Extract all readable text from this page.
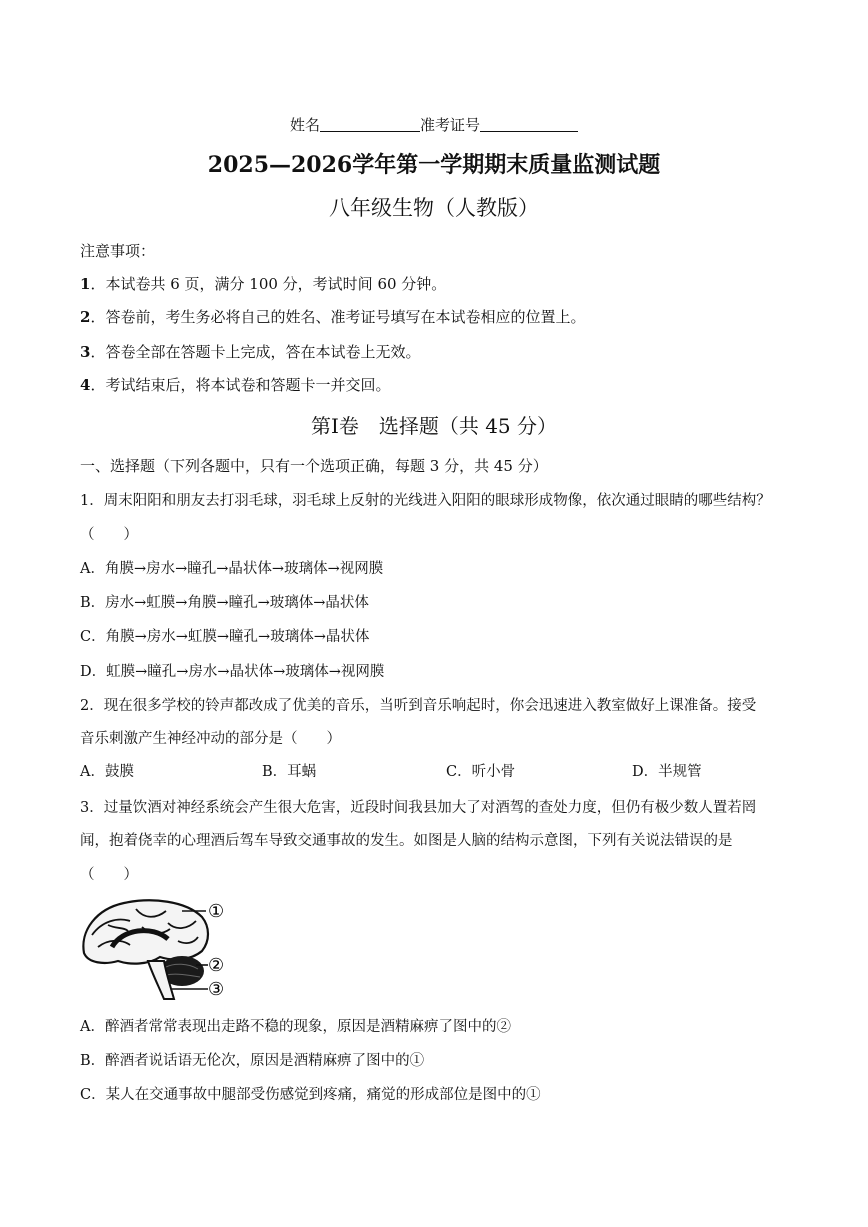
姓名	准考证号
2025—2026学年第一学期期末质量监测试题
八年级生物（人教版）
注意事项：
1．本试卷共 6 页，满分 100 分，考试时间 60 分钟。
2．答卷前，考生务必将自己的姓名、准考证号填写在本试卷相应的位置上。
3．答卷全部在答题卡上完成，答在本试卷上无效。
4．考试结束后，将本试卷和答题卡一并交回。
第Ⅰ卷　选择题（共 45 分）
一、选择题（下列各题中，只有一个选项正确，每题 3 分，共 45 分）
1．周末阳阳和朋友去打羽毛球，羽毛球上反射的光线进入阳阳的眼球形成物像，依次通过眼睛的哪些结构？
（　　）
A．角膜→房水→瞳孔→晶状体→玻璃体→视网膜
B．房水→虹膜→角膜→瞳孔→玻璃体→晶状体
C．角膜→房水→虹膜→瞳孔→玻璃体→晶状体
D．虹膜→瞳孔→房水→晶状体→玻璃体→视网膜
2．现在很多学校的铃声都改成了优美的音乐，当听到音乐响起时，你会迅速进入教室做好上课准备。接受
音乐刺激产生神经冲动的部分是（　　）
A．鼓膜	B．耳蜗	C．听小骨	D．半规管
3．过量饮酒对神经系统会产生很大危害，近段时间我县加大了对酒驾的查处力度，但仍有极少数人置若罔
闻，抱着侥幸的心理酒后驾车导致交通事故的发生。如图是人脑的结构示意图，下列有关说法错误的是
（　　）
①
②
③
A．醉酒者常常表现出走路不稳的现象，原因是酒精麻痹了图中的②
B．醉酒者说话语无伦次，原因是酒精麻痹了图中的①
C．某人在交通事故中腿部受伤感觉到疼痛，痛觉的形成部位是图中的①
